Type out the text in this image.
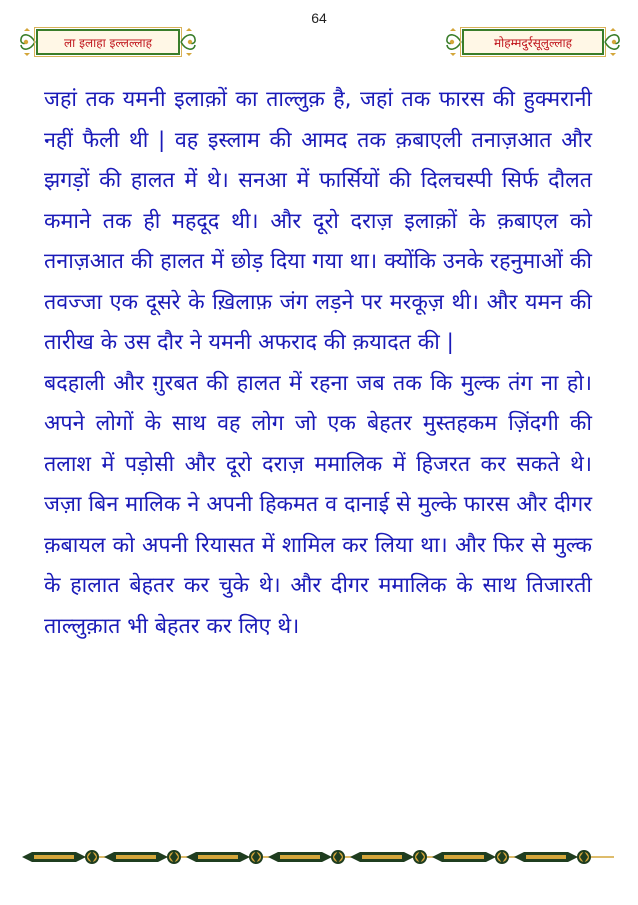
64
ला इलाहा इल्लल्लाह	मोहम्मदुर्रसूलुल्लाह

जहां तक यमनी इलाक़ों का ताल्लुक़ है, जहां तक फारस की हुक्मरानी नहीं फैली थी | वह इस्लाम की आमद तक क़बाएली तनाज़आत और झगड़ों की हालत में थे। सनआ में फार्सियों की दिलचस्पी सिर्फ दौलत कमाने तक ही महदूद थी। और दूरो दराज़ इलाक़ों के क़बाएल को तनाज़आत की हालत में छोड़ दिया गया था। क्योंकि उनके रहनुमाओं की तवज्जा एक दूसरे के ख़िलाफ़ जंग लड़ने पर मरकूज़ थी। और यमन की तारीख के उस दौर ने यमनी अफराद की क़यादत की |

बदहाली और ग़ुरबत की हालत में रहना जब तक कि मुल्क तंग ना हो। अपने लोगों के साथ वह लोग जो एक बेहतर मुस्तहकम ज़िंदगी की तलाश में पड़ोसी और दूरो दराज़ ममालिक में हिजरत कर सकते थे। जज़ा बिन मालिक ने अपनी हिकमत व दानाई से मुल्के फारस और दीगर क़बायल को अपनी रियासत में शामिल कर लिया था। और फिर से मुल्क के हालात बेहतर कर चुके थे। और दीगर ममालिक के साथ तिजारती ताल्लुक़ात भी बेहतर कर लिए थे।
